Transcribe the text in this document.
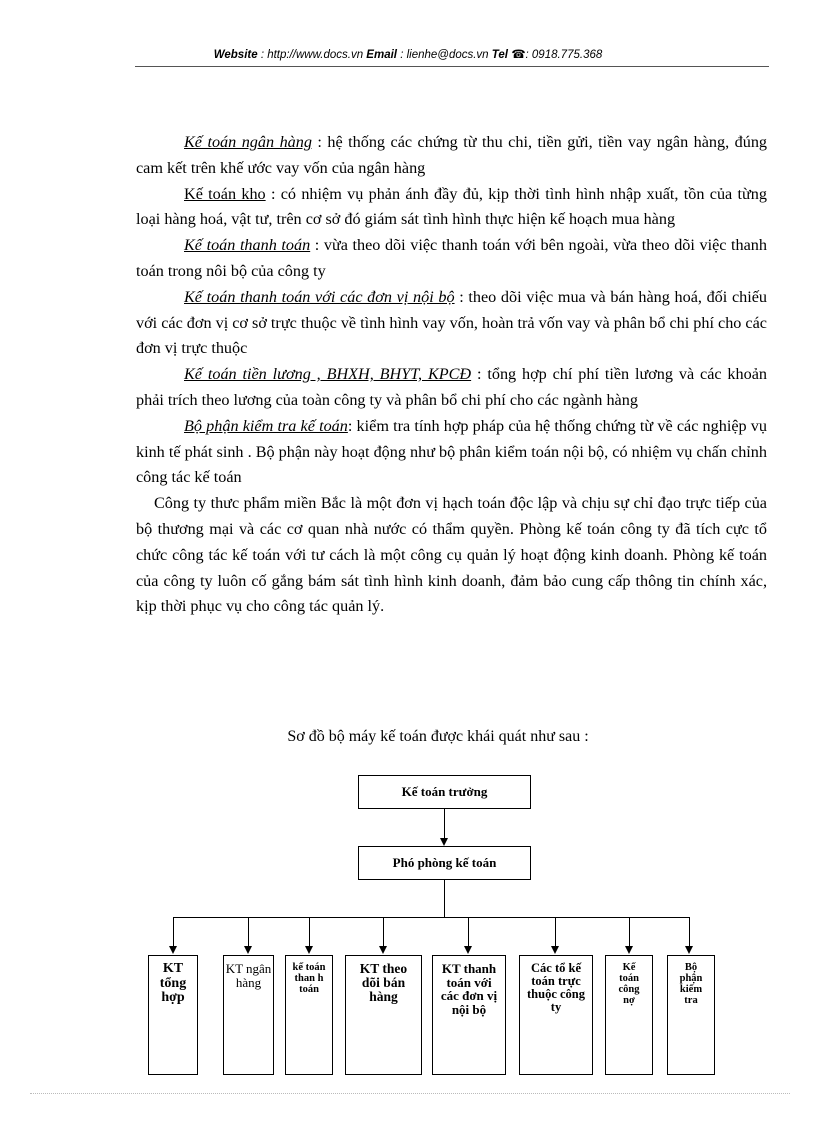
Website : http://www.docs.vn Email : lienhe@docs.vn Tel ☎: 0918.775.368

Kế toán ngân hàng : hệ thống các chứng từ thu chi, tiền gửi, tiền vay ngân hàng, đúng cam kết trên khế ước vay vốn của ngân hàng

Kế toán kho : có nhiệm vụ phản ánh đầy đủ, kịp thời tình hình nhập xuất, tồn của từng loại hàng hoá, vật tư, trên cơ sở đó giám sát tình hình thực hiện kế hoạch mua hàng

Kế toán thanh toán : vừa theo dõi việc thanh toán với bên ngoài, vừa theo dõi việc thanh toán trong nôi bộ của công ty

Kế toán thanh toán với các đơn vị nội bộ : theo dõi việc mua và bán hàng hoá, đối chiếu với các đơn vị cơ sở trực thuộc về tình hình vay vốn, hoàn trả vốn vay và phân bổ chi phí cho các đơn vị trực thuộc

Kế toán tiền lương , BHXH, BHYT, KPCĐ : tổng hợp chí phí tiền lương và các khoản phải trích theo lương của toàn công ty và phân bổ chi phí cho các ngành hàng

Bộ phận kiểm tra kế toán: kiểm tra tính hợp pháp của hệ thống chứng từ về các nghiệp vụ kinh tế phát sinh . Bộ phận này hoạt động như bộ phân kiểm toán nội bộ, có nhiệm vụ chấn chỉnh công tác kế toán

Công ty thưc phẩm miền Bắc là một đơn vị hạch toán độc lập và chịu sự chỉ đạo trực tiếp của bộ thương mại và các cơ quan nhà nước có thẩm quyền. Phòng kế toán công ty đã tích cực tổ chức công tác kế toán với tư cách là một công cụ quản lý hoạt động kinh doanh. Phòng kế toán của công ty luôn cố gắng bám sát tình hình kinh doanh, đảm bảo cung cấp thông tin chính xác, kịp thời phục vụ cho công tác quản lý.

Sơ đồ bộ máy kế toán được khái quát như sau :
Kế toán trưởng
Phó phòng kế toán
KT tổng hợp
KT ngân hàng
kế toán than h toán
KT theo dõi bán hàng
KT thanh toán với các đơn vị nội bộ
Các tổ kế toán trực thuộc công ty
Kế toán công nợ
Bộ phận kiểm tra
